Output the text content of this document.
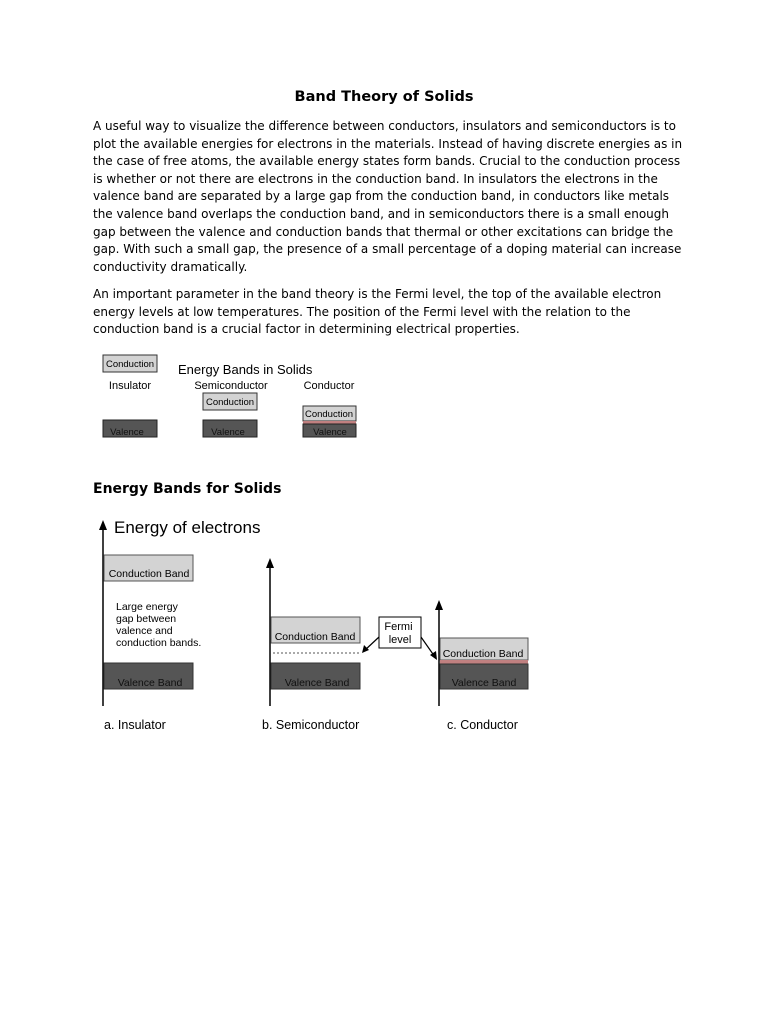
Band Theory of Solids

A useful way to visualize the difference between conductors, insulators and semiconductors is to plot the available energies for electrons in the materials. Instead of having discrete energies as in the case of free atoms, the available energy states form bands. Crucial to the conduction process is whether or not there are electrons in the conduction band. In insulators the electrons in the valence band are separated by a large gap from the conduction band, in conductors like metals the valence band overlaps the conduction band, and in semiconductors there is a small enough gap between the valence and conduction bands that thermal or other excitations can bridge the gap. With such a small gap, the presence of a small percentage of a doping material can increase conductivity dramatically.

An important parameter in the band theory is the Fermi level, the top of the available electron energy levels at low temperatures. The position of the Fermi level with the relation to the conduction band is a crucial factor in determining electrical properties.

Energy Bands in Solids
Conduction
Insulator
Valence
Semiconductor
Conduction
Valence
Conductor
Conduction
Valence
Energy of electrons
Conduction Band
Large energy gap between valence and conduction bands.
Valence Band
a. Insulator
Conduction Band
Valence Band
b. Semiconductor
Fermi level
Conduction Band
Valence Band
c. Conductor
Energy Bands for Solids
